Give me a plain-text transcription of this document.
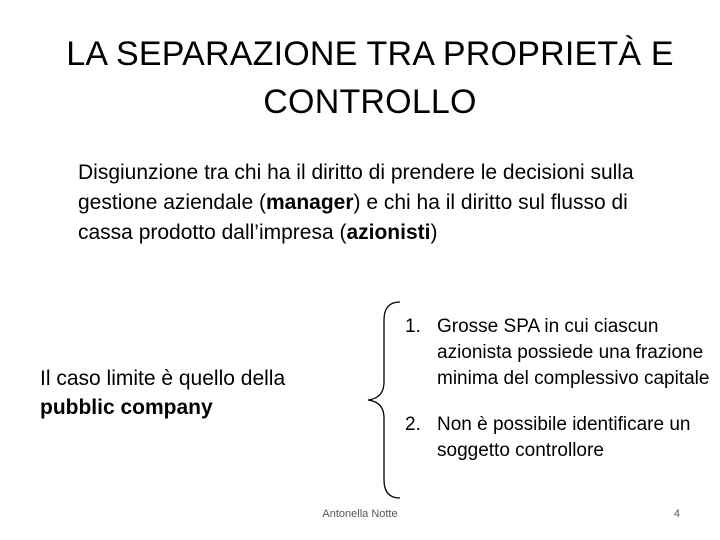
LA SEPARAZIONE TRA PROPRIETÀ E
CONTROLLO
Disgiunzione tra chi ha il diritto di prendere le decisioni sulla gestione aziendale (manager) e chi ha il diritto sul flusso di cassa prodotto dall’impresa (azionisti)
Il caso limite è quello della pubblic company
1. Grosse SPA in cui ciascun azionista possiede una frazione minima del complessivo capitale
2. Non è possibile identificare un soggetto controllore
Antonella Notte	4
